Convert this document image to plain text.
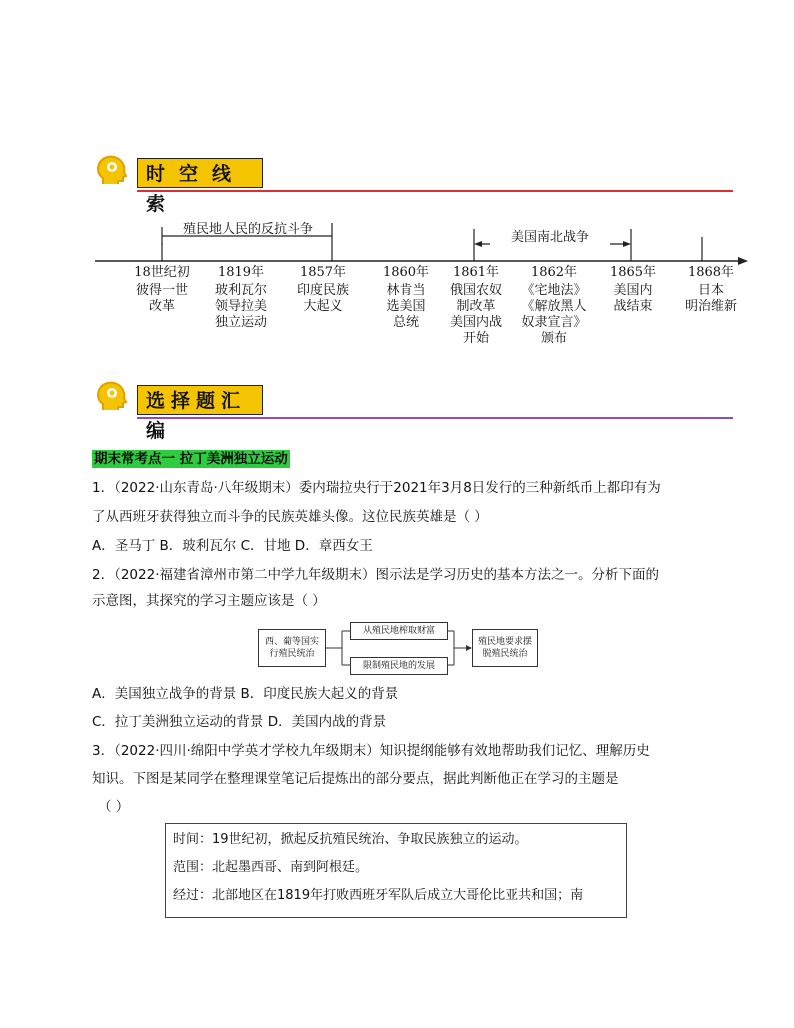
时空线索
殖民地人民的反抗斗争
美国南北战争
18世纪初
彼得一世
改革
1819年
玻利瓦尔
领导拉美
独立运动
1857年
印度民族
大起义
1860年
林肯当
选美国
总统
1861年
俄国农奴
制改革
美国内战
开始
1862年
《宅地法》
《解放黑人
奴隶宣言》
颁布
1865年
美国内
战结束
1868年
日本
明治维新
选择题汇编
期末常考点一 拉丁美洲独立运动
1．（2022·山东青岛·八年级期末）委内瑞拉央行于2021年3月8日发行的三种新纸币上都印有为
了从西班牙获得独立而斗争的民族英雄头像。这位民族英雄是（ ）
A．圣马丁 B．玻利瓦尔 C．甘地 D．章西女王
2．（2022·福建省漳州市第二中学九年级期末）图示法是学习历史的基本方法之一。分析下面的
示意图，其探究的学习主题应该是（ ）
西、葡等国实
行殖民统治
从殖民地榨取财富
限制殖民地的发展
殖民地要求摆
脱殖民统治
A．美国独立战争的背景 B．印度民族大起义的背景
C．拉丁美洲独立运动的背景 D．美国内战的背景
3．（2022·四川·绵阳中学英才学校九年级期末）知识提纲能够有效地帮助我们记忆、理解历史
知识。下图是某同学在整理课堂笔记后提炼出的部分要点，据此判断他正在学习的主题是
（ ）
时间：19世纪初，掀起反抗殖民统治、争取民族独立的运动。
范围：北起墨西哥、南到阿根廷。
经过：北部地区在1819年打败西班牙军队后成立大哥伦比亚共和国；南
